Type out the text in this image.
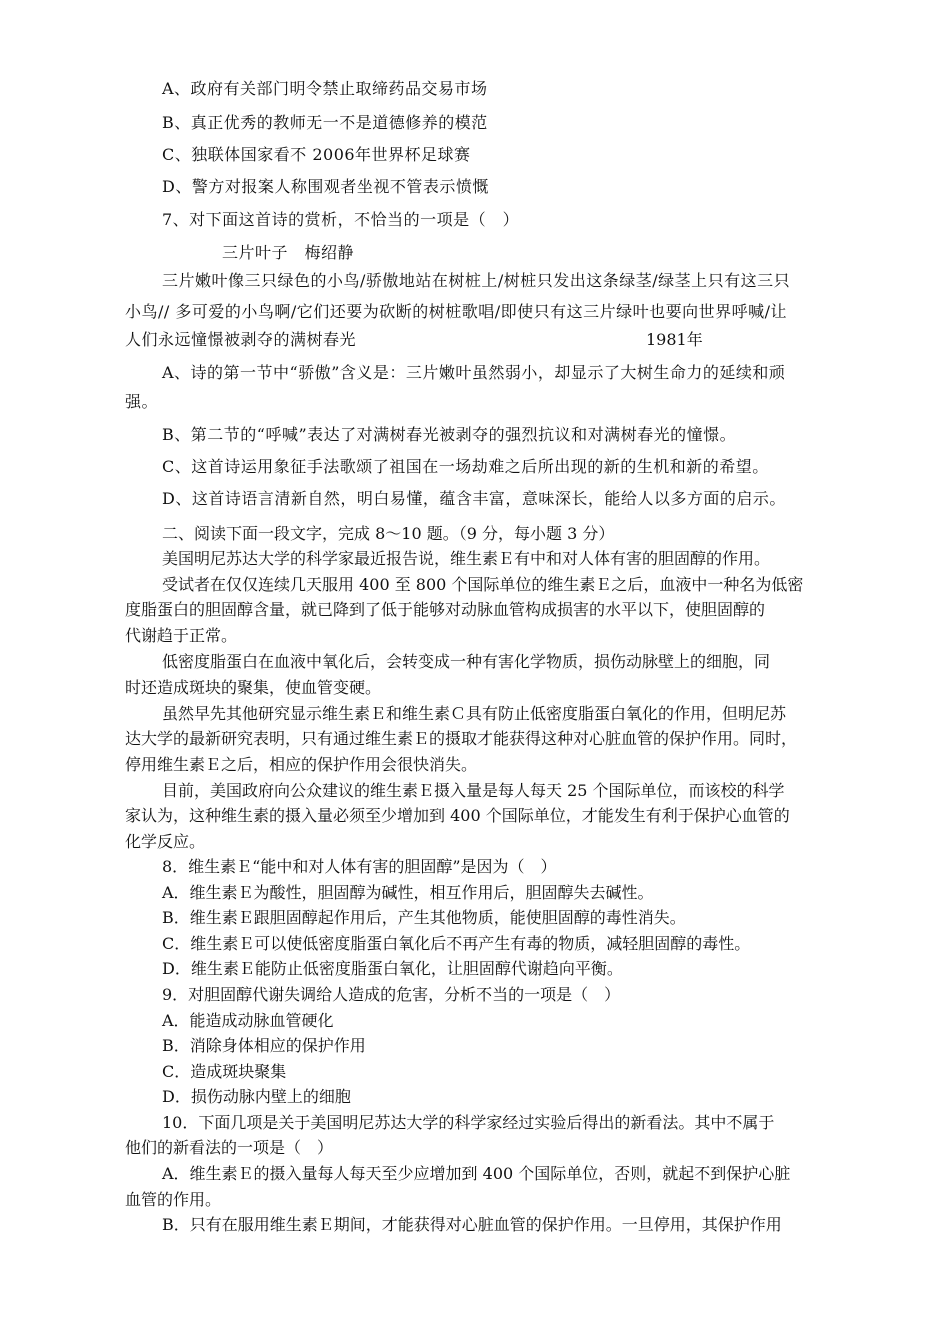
A、政府有关部门明令禁止取缔药品交易市场
B、真正优秀的教师无一不是道德修养的模范
C、独联体国家看不 2006年世界杯足球赛
D、警方对报案人称围观者坐视不管表示愤慨
7、对下面这首诗的赏析，不恰当的一项是（　）
三片叶子　梅绍静
三片嫩叶像三只绿色的小鸟/骄傲地站在树桩上/树桩只发出这条绿茎/绿茎上只有这三只
小鸟// 多可爱的小鸟啊/它们还要为砍断的树桩歌唱/即使只有这三片绿叶也要向世界呼喊/让
人们永远憧憬被剥夺的满树春光	1981年
A、诗的第一节中“骄傲”含义是：三片嫩叶虽然弱小，却显示了大树生命力的延续和顽
强。
B、第二节的“呼喊”表达了对满树春光被剥夺的强烈抗议和对满树春光的憧憬。
C、这首诗运用象征手法歌颂了祖国在一场劫难之后所出现的新的生机和新的希望。
D、这首诗语言清新自然，明白易懂，蕴含丰富，意味深长，能给人以多方面的启示。
二、阅读下面一段文字，完成 8～10 题。（9 分，每小题 3 分）
美国明尼苏达大学的科学家最近报告说，维生素Ｅ有中和对人体有害的胆固醇的作用。
受试者在仅仅连续几天服用 400 至 800 个国际单位的维生素Ｅ之后，血液中一种名为低密
度脂蛋白的胆固醇含量，就已降到了低于能够对动脉血管构成损害的水平以下，使胆固醇的
代谢趋于正常。
低密度脂蛋白在血液中氧化后，会转变成一种有害化学物质，损伤动脉壁上的细胞，同
时还造成斑块的聚集，使血管变硬。
虽然早先其他研究显示维生素Ｅ和维生素Ｃ具有防止低密度脂蛋白氧化的作用，但明尼苏
达大学的最新研究表明，只有通过维生素Ｅ的摄取才能获得这种对心脏血管的保护作用。同时，
停用维生素Ｅ之后，相应的保护作用会很快消失。
目前，美国政府向公众建议的维生素Ｅ摄入量是每人每天 25 个国际单位，而该校的科学
家认为，这种维生素的摄入量必须至少增加到 400 个国际单位，才能发生有利于保护心血管的
化学反应。
8．维生素Ｅ“能中和对人体有害的胆固醇”是因为（　）
A．维生素Ｅ为酸性，胆固醇为碱性，相互作用后，胆固醇失去碱性。
B．维生素Ｅ跟胆固醇起作用后，产生其他物质，能使胆固醇的毒性消失。
C．维生素Ｅ可以使低密度脂蛋白氧化后不再产生有毒的物质，减轻胆固醇的毒性。
D．维生素Ｅ能防止低密度脂蛋白氧化，让胆固醇代谢趋向平衡。
9．对胆固醇代谢失调给人造成的危害，分析不当的一项是（　）
A．能造成动脉血管硬化
B．消除身体相应的保护作用
C．造成斑块聚集
D．损伤动脉内壁上的细胞
10．下面几项是关于美国明尼苏达大学的科学家经过实验后得出的新看法。其中不属于
他们的新看法的一项是（　）
A．维生素Ｅ的摄入量每人每天至少应增加到 400 个国际单位，否则，就起不到保护心脏
血管的作用。
B．只有在服用维生素Ｅ期间，才能获得对心脏血管的保护作用。一旦停用，其保护作用
